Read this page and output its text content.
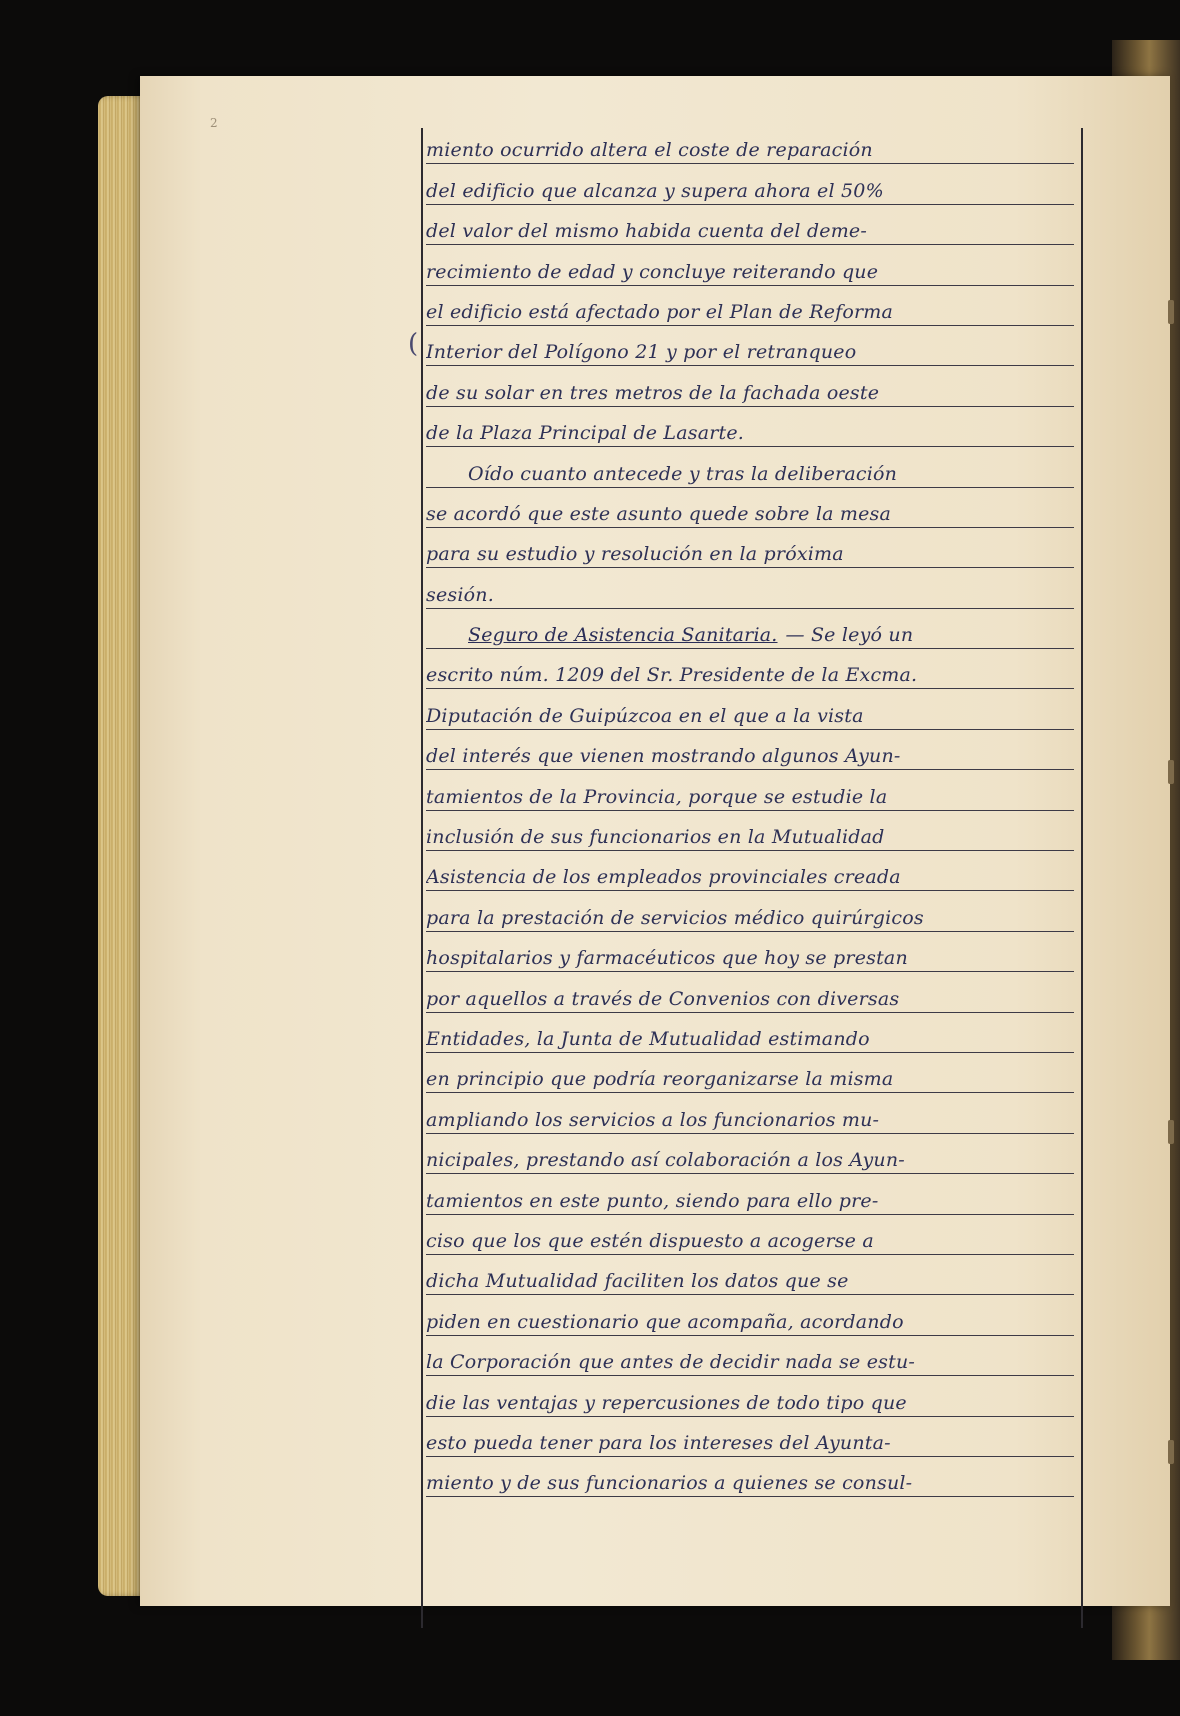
2
(
miento ocurrido altera el coste de reparación
del edificio que alcanza y supera ahora el 50%
del valor del mismo habida cuenta del deme-
recimiento de edad y concluye reiterando que
el edificio está afectado por el Plan de Reforma
Interior del Polígono 21 y por el retranqueo
de su solar en tres metros de la fachada oeste
de la Plaza Principal de Lasarte.
Oído cuanto antecede y tras la deliberación
se acordó que este asunto quede sobre la mesa
para su estudio y resolución en la próxima
sesión.
Seguro de Asistencia Sanitaria. — Se leyó un
escrito núm. 1209 del Sr. Presidente de la Excma.
Diputación de Guipúzcoa en el que a la vista
del interés que vienen mostrando algunos Ayun-
tamientos de la Provincia, porque se estudie la
inclusión de sus funcionarios en la Mutualidad
Asistencia de los empleados provinciales creada
para la prestación de servicios médico quirúrgicos
hospitalarios y farmacéuticos que hoy se prestan
por aquellos a través de Convenios con diversas
Entidades, la Junta de Mutualidad estimando
en principio que podría reorganizarse la misma
ampliando los servicios a los funcionarios mu-
nicipales, prestando así colaboración a los Ayun-
tamientos en este punto, siendo para ello pre-
ciso que los que estén dispuesto a acogerse a
dicha Mutualidad faciliten los datos que se
piden en cuestionario que acompaña, acordando
la Corporación que antes de decidir nada se estu-
die las ventajas y repercusiones de todo tipo que
esto pueda tener para los intereses del Ayunta-
miento y de sus funcionarios a quienes se consul-
